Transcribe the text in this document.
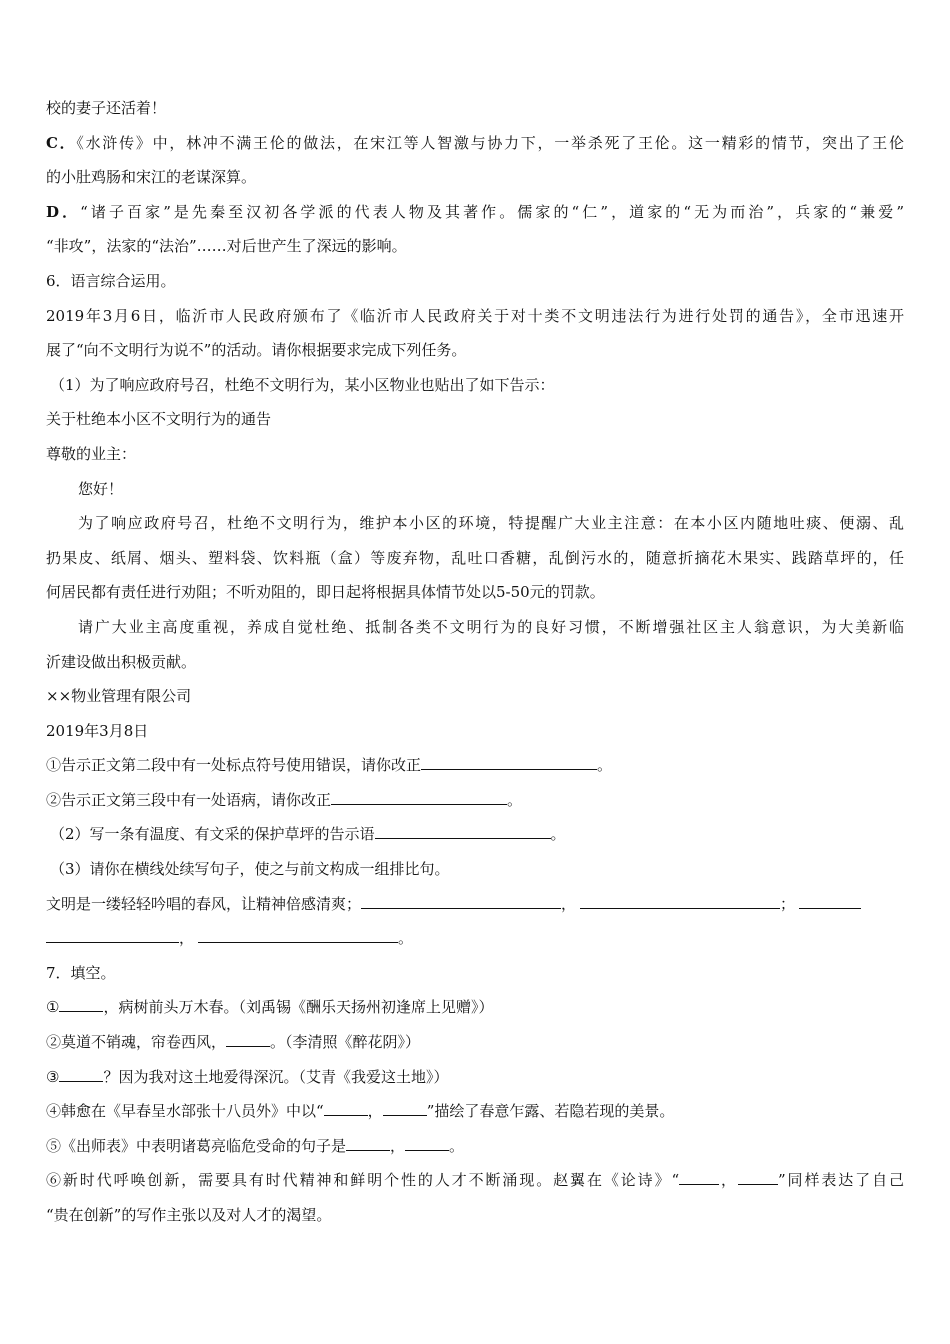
校的妻子还活着！
C．《水浒传》中，林冲不满王伦的做法，在宋江等人智激与协力下，一举杀死了王伦。这一精彩的情节，突出了王伦
的小肚鸡肠和宋江的老谋深算。
D．“诸子百家”是先秦至汉初各学派的代表人物及其著作。儒家的“仁”，道家的“无为而治”，兵家的“兼爱”
“非攻”，法家的“法治”……对后世产生了深远的影响。
6．语言综合运用。
2019年3月6日，临沂市人民政府颁布了《临沂市人民政府关于对十类不文明违法行为进行处罚的通告》，全市迅速开
展了“向不文明行为说不”的活动。请你根据要求完成下列任务。
（1）为了响应政府号召，杜绝不文明行为，某小区物业也贴出了如下告示：
关于杜绝本小区不文明行为的通告
尊敬的业主：
您好！
为了响应政府号召，杜绝不文明行为，维护本小区的环境，特提醒广大业主注意：在本小区内随地吐痰、便溺、乱
扔果皮、纸屑、烟头、塑料袋、饮料瓶（盒）等废弃物，乱吐口香糖，乱倒污水的，随意折摘花木果实、践踏草坪的，任
何居民都有责任进行劝阻；不听劝阻的，即日起将根据具体情节处以5-50元的罚款。
请广大业主高度重视，养成自觉杜绝、抵制各类不文明行为的良好习惯，不断增强社区主人翁意识，为大美新临
沂建设做出积极贡献。
××物业管理有限公司
2019年3月8日
①告示正文第二段中有一处标点符号使用错误，请你改正	。
②告示正文第三段中有一处语病，请你改正	。
（2）写一条有温度、有文采的保护草坪的告示语	。
（3）请你在横线处续写句子，使之与前文构成一组排比句。
文明是一缕轻轻吟唱的春风，让精神倍感清爽；	，	；
，	。
7．填空。
①	，病树前头万木春。（刘禹锡《酬乐天扬州初逢席上见赠》）
②莫道不销魂，帘卷西风，	。（李清照《醉花阴》）
③	？因为我对这土地爱得深沉。（艾青《我爱这土地》）
④韩愈在《早春呈水部张十八员外》中以“	，	”描绘了春意乍露、若隐若现的美景。
⑤《出师表》中表明诸葛亮临危受命的句子是	，	。
⑥新时代呼唤创新，需要具有时代精神和鲜明个性的人才不断涌现。赵翼在《论诗》“	，	”同样表达了自己
“贵在创新”的写作主张以及对人才的渴望。
